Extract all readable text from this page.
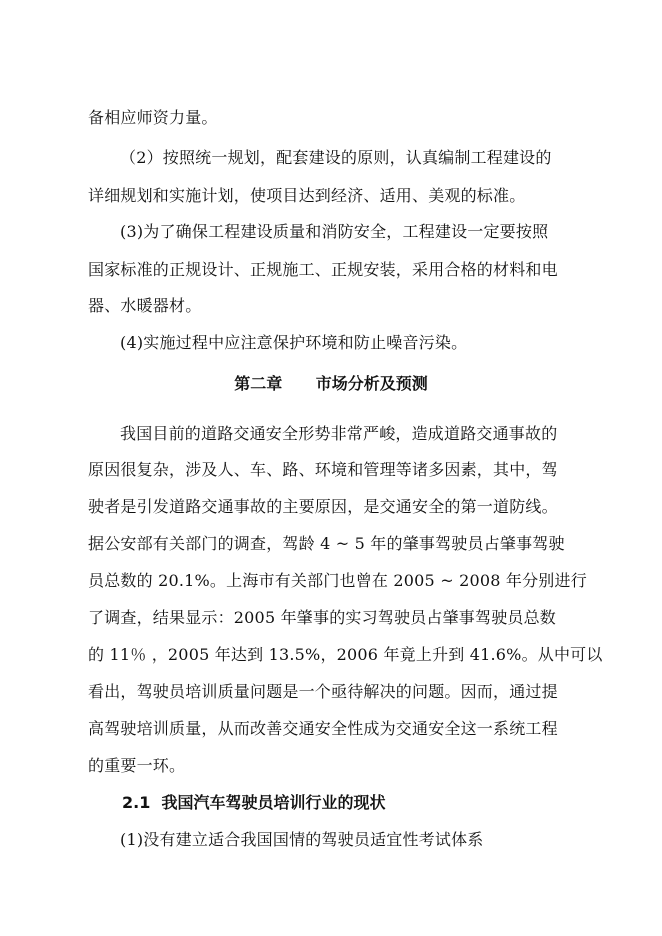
备相应师资力量。
（2）按照统一规划，配套建设的原则，认真编制工程建设的
详细规划和实施计划，使项目达到经济、适用、美观的标准。
(3)为了确保工程建设质量和消防安全，工程建设一定要按照
国家标准的正规设计、正规施工、正规安装，采用合格的材料和电
器、水暖器材。
(4)实施过程中应注意保护环境和防止噪音污染。
第二章      市场分析及预测
我国目前的道路交通安全形势非常严峻，造成道路交通事故的
原因很复杂，涉及人、车、路、环境和管理等诸多因素，其中，驾
驶者是引发道路交通事故的主要原因，是交通安全的第一道防线。
据公安部有关部门的调查，驾龄 4 ~ 5 年的肇事驾驶员占肇事驾驶
员总数的 20.1%。上海市有关部门也曾在 2005 ~ 2008 年分别进行
了调查，结果显示：2005 年肇事的实习驾驶员占肇事驾驶员总数
的 11％ ，2005 年达到 13.5%，2006 年竟上升到 41.6%。从中可以
看出，驾驶员培训质量问题是一个亟待解决的问题。因而，通过提
高驾驶培训质量，从而改善交通安全性成为交通安全这一系统工程
的重要一环。
2.1  我国汽车驾驶员培训行业的现状
(1)没有建立适合我国国情的驾驶员适宜性考试体系
